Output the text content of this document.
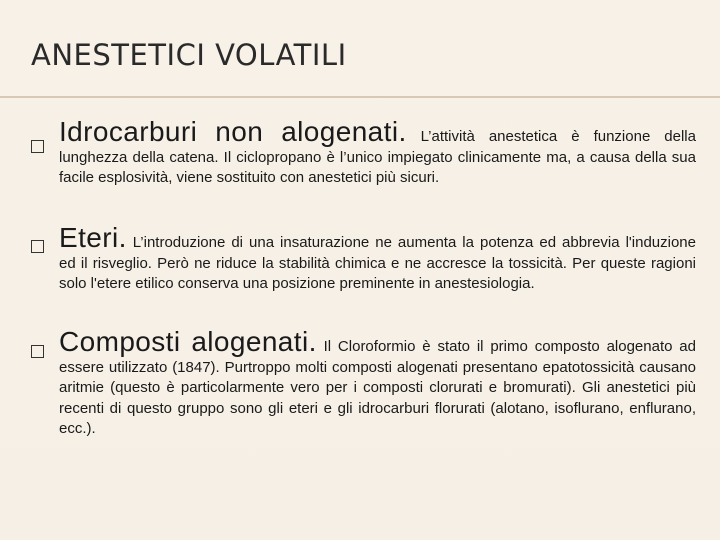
ANESTETICI VOLATILI
Idrocarburi non alogenati. L’attività anestetica è funzione della lunghezza della catena. Il ciclopropano è l’unico impiegato clinicamente ma, a causa della sua facile esplosività, viene sostituito con anestetici più sicuri.
Eteri. L’introduzione di una insaturazione ne aumenta la potenza ed abbrevia l'induzione ed il risveglio. Però ne riduce la stabilità chimica e ne accresce la tossicità. Per queste ragioni solo l'etere etilico conserva una posizione preminente in anestesiologia.
Composti alogenati. Il Cloroformio è stato il primo composto alogenato ad essere utilizzato (1847). Purtroppo molti composti alogenati presentano epatotossicità causano aritmie (questo è particolarmente vero per i composti clorurati e bromurati). Gli anestetici più recenti di questo gruppo sono gli eteri e gli idrocarburi florurati (alotano, isoflurano, enflurano, ecc.).
